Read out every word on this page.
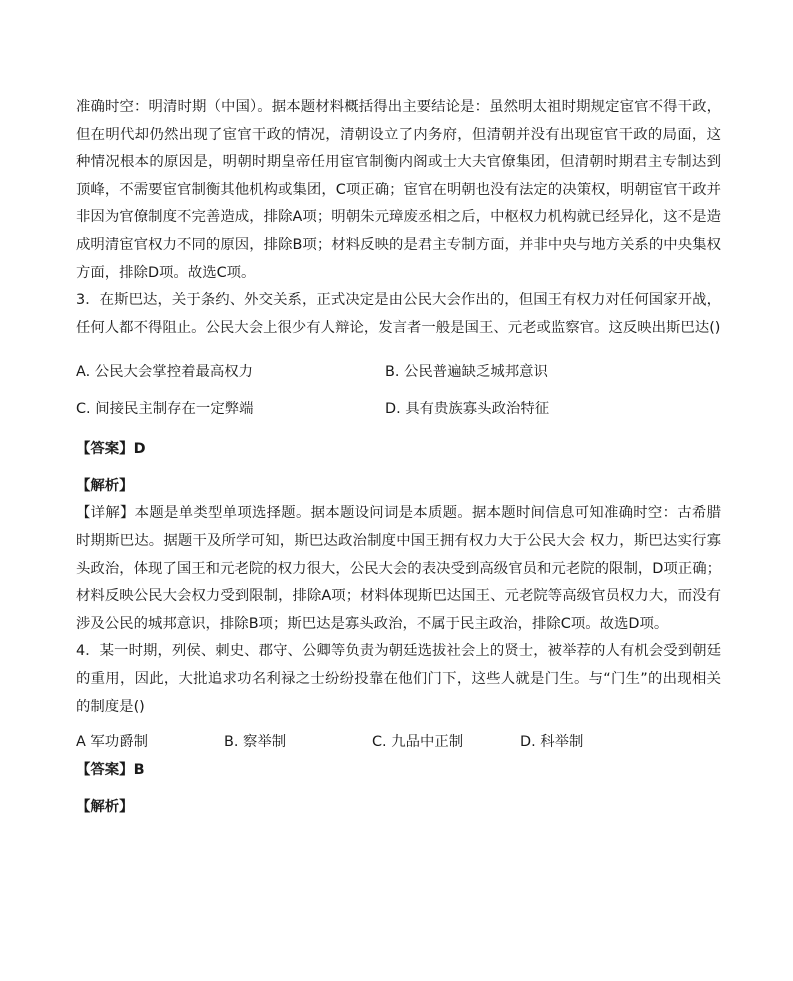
准确时空：明清时期（中国）。据本题材料概括得出主要结论是：虽然明太祖时期规定宦官不得干政，但在明代却仍然出现了宦官干政的情况，清朝设立了内务府，但清朝并没有出现宦官干政的局面，这种情况根本的原因是，明朝时期皇帝任用宦官制衡内阁或士大夫官僚集团，但清朝时期君主专制达到顶峰，不需要宦官制衡其他机构或集团，C项正确；宦官在明朝也没有法定的决策权，明朝宦官干政并非因为官僚制度不完善造成，排除A项；明朝朱元璋废丞相之后，中枢权力机构就已经异化，这不是造成明清宦官权力不同的原因，排除B项；材料反映的是君主专制方面，并非中央与地方关系的中央集权方面，排除D项。故选C项。

3．在斯巴达，关于条约、外交关系，正式决定是由公民大会作出的，但国王有权力对任何国家开战，任何人都不得阻止。公民大会上很少有人辩论，发言者一般是国王、元老或监察官。这反映出斯巴达()

A. 公民大会掌控着最高权力	B. 公民普遍缺乏城邦意识
C. 间接民主制存在一定弊端	D. 具有贵族寡头政治特征

【答案】D

【解析】

【详解】本题是单类型单项选择题。据本题设问词是本质题。据本题时间信息可知准确时空：古希腊时期斯巴达。据题干及所学可知，斯巴达政治制度中国王拥有权力大于公民大会 权力，斯巴达实行寡头政治，体现了国王和元老院的权力很大，公民大会的表决受到高级官员和元老院的限制，D项正确；材料反映公民大会权力受到限制，排除A项；材料体现斯巴达国王、元老院等高级官员权力大，而没有涉及公民的城邦意识，排除B项；斯巴达是寡头政治，不属于民主政治，排除C项。故选D项。

4．某一时期，列侯、刺史、郡守、公卿等负责为朝廷选拔社会上的贤士，被举荐的人有机会受到朝廷的重用，因此，大批追求功名利禄之士纷纷投靠在他们门下，这些人就是门生。与“门生”的出现相关的制度是()

A 军功爵制	B. 察举制	C. 九品中正制	D. 科举制

【答案】B

【解析】
